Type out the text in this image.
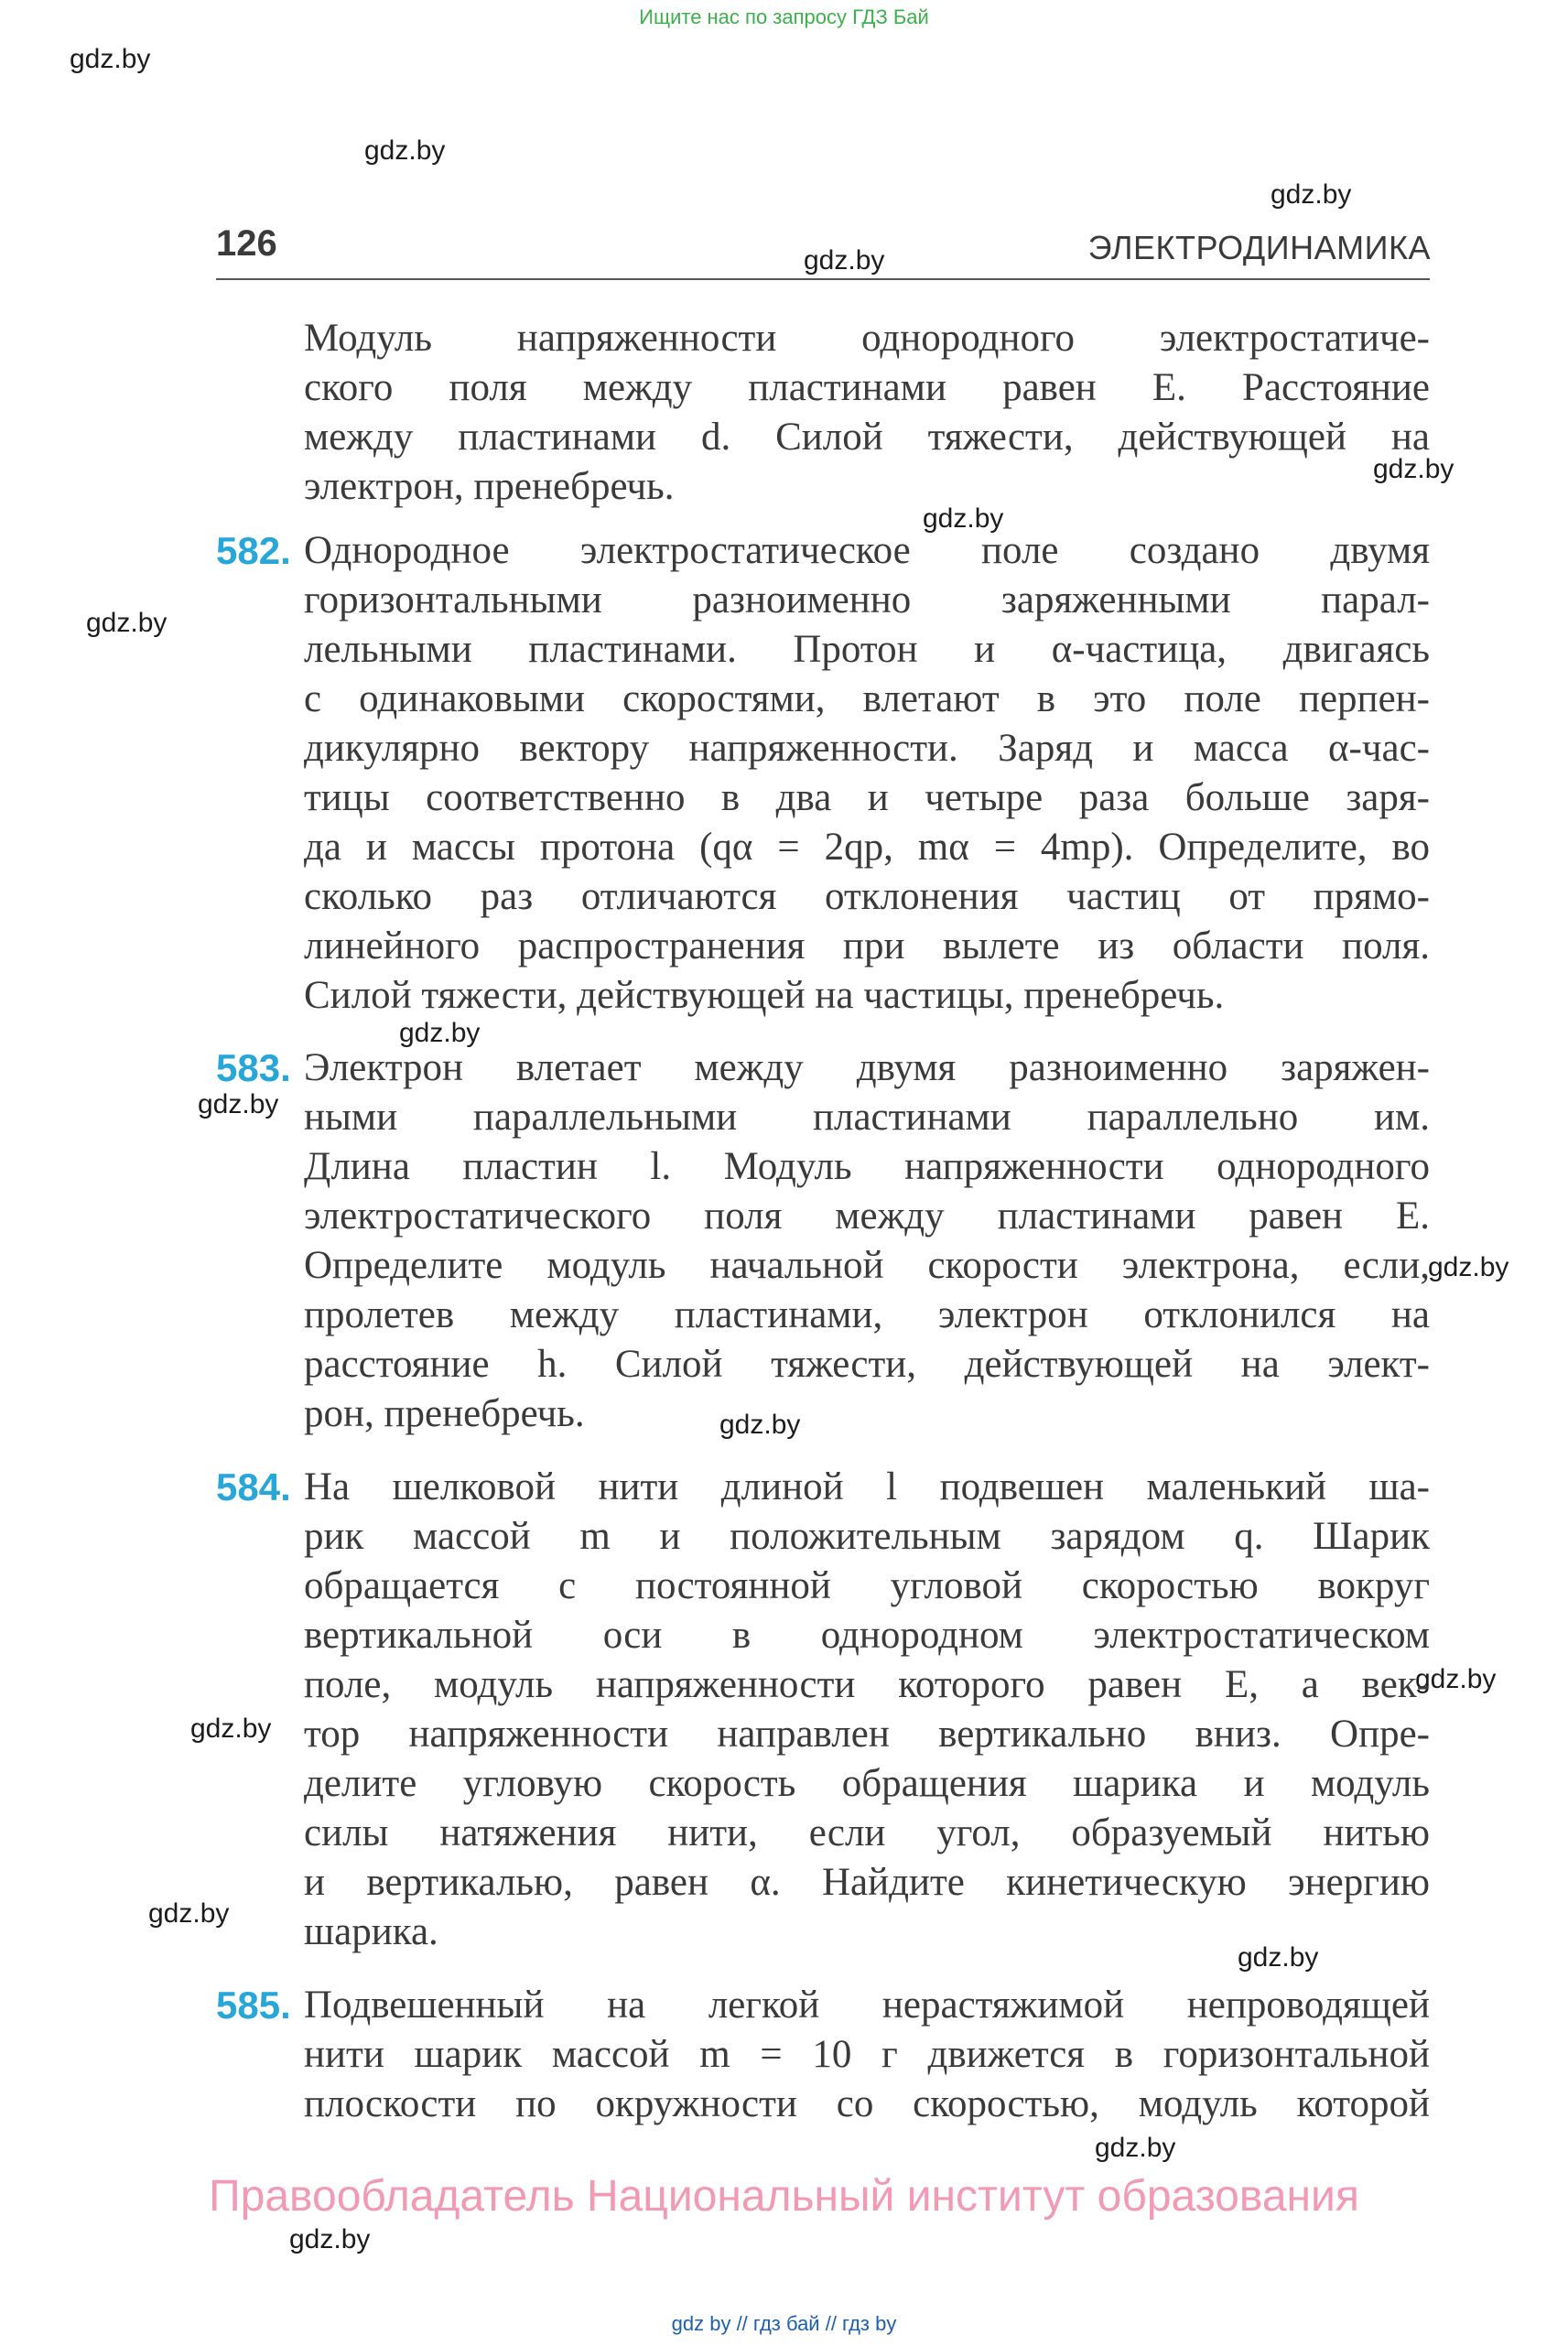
Ищите нас по запросу ГДЗ Бай
gdz.by
gdz.by
gdz.by
gdz.by
gdz.by
gdz.by
gdz.by
gdz.by
gdz.by
gdz.by
gdz.by
gdz.by
gdz.by
gdz.by
gdz.by
gdz.by
gdz.by
126	ЭЛЕКТРОДИНАМИКА
Модуль напряженности однородного электростатиче-
ского поля между пластинами равен E. Расстояние
между пластинами d. Силой тяжести, действующей на
электрон, пренебречь.
582. Однородное электростатическое поле создано двумя
горизонтальными разноименно заряженными парал-
лельными пластинами. Протон и α-частица, двигаясь
с одинаковыми скоростями, влетают в это поле перпен-
дикулярно вектору напряженности. Заряд и масса α-час-
тицы соответственно в два и четыре раза больше заря-
да и массы протона (qα = 2qp, mα = 4mp). Определите, во
сколько раз отличаются отклонения частиц от прямо-
линейного распространения при вылете из области поля.
Силой тяжести, действующей на частицы, пренебречь.
583. Электрон влетает между двумя разноименно заряжен-
ными параллельными пластинами параллельно им.
Длина пластин l. Модуль напряженности однородного
электростатического поля между пластинами равен E.
Определите модуль начальной скорости электрона, если,
пролетев между пластинами, электрон отклонился на
расстояние h. Силой тяжести, действующей на элект-
рон, пренебречь.
584. На шелковой нити длиной l подвешен маленький ша-
рик массой m и положительным зарядом q. Шарик
обращается с постоянной угловой скоростью вокруг
вертикальной оси в однородном электростатическом
поле, модуль напряженности которого равен E, а век-
тор напряженности направлен вертикально вниз. Опре-
делите угловую скорость обращения шарика и модуль
силы натяжения нити, если угол, образуемый нитью
и вертикалью, равен α. Найдите кинетическую энергию
шарика.
585. Подвешенный на легкой нерастяжимой непроводящей
нити шарик массой m = 10 г движется в горизонтальной
плоскости по окружности со скоростью, модуль которой
Правообладатель Национальный институт образования
gdz by // гдз бай // гдз by
